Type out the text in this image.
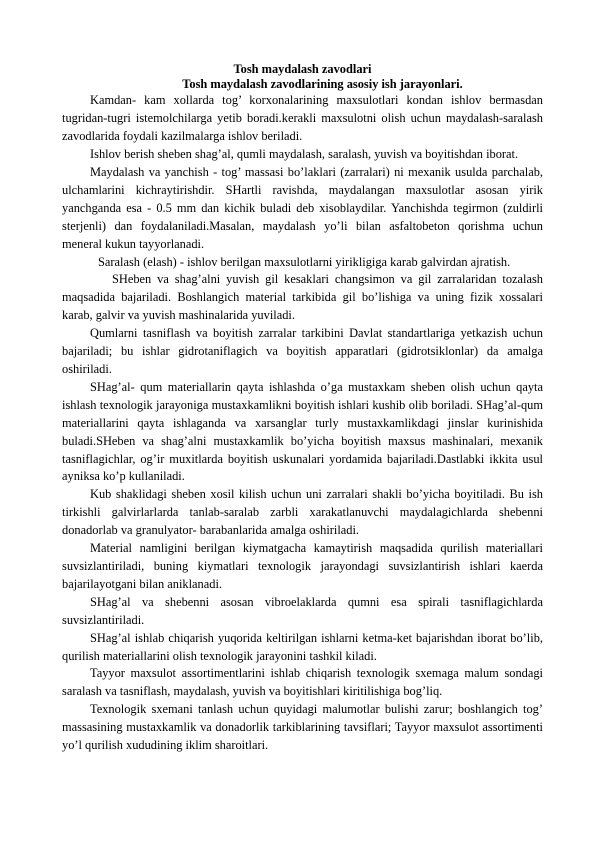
Tosh maydalash zavodlari

Tosh maydalash zavodlarining asosiy ish jarayonlari.

Kamdan- kam xollarda tog’ korxonalarining maxsulotlari kondan ishlov bermasdan tugridan-tugri istemolchilarga yetib boradi.kerakli maxsulotni olish uchun maydalash-saralash zavodlarida foydali kazilmalarga ishlov beriladi.

Ishlov berish sheben shag’al, qumli maydalash, saralash, yuvish va boyitishdan iborat.

Maydalash va yanchish - tog’ massasi bo’laklari (zarralari) ni mexanik usulda parchalab, ulchamlarini kichraytirishdir. SHartli ravishda, maydalangan maxsulotlar asosan yirik yanchganda esa - 0.5 mm dan kichik buladi deb xisoblaydilar. Yanchishda tegirmon (zuldirli sterjenli) dan foydalaniladi.Masalan, maydalash yo’li bilan asfaltobeton qorishma uchun meneral kukun tayyorlanadi.

Saralash (elash) - ishlov berilgan maxsulotlarni yirikligiga karab galvirdan ajratish.

SHeben va shag’alni yuvish gil kesaklari changsimon va gil zarralaridan tozalash maqsadida bajariladi. Boshlangich material tarkibida gil bo’lishiga va uning fizik xossalari karab, galvir va yuvish mashinalarida yuviladi.

Qumlarni tasniflash va boyitish zarralar tarkibini Davlat standartlariga yetkazish uchun bajariladi; bu ishlar gidrotaniflagich va boyitish apparatlari (gidrotsiklonlar) da amalga oshiriladi.

SHag’al- qum materiallarin qayta ishlashda o’ga mustaxkam sheben olish uchun qayta ishlash texnologik jarayoniga mustaxkamlikni boyitish ishlari kushib olib boriladi. SHag’al-qum materiallarini qayta ishlaganda va xarsanglar turly mustaxkamlikdagi jinslar kurinishida buladi.SHeben va shag’alni mustaxkamlik bo’yicha boyitish maxsus mashinalari, mexanik tasniflagichlar, og’ir muxitlarda boyitish uskunalari yordamida bajariladi.Dastlabki ikkita usul ayniksa ko’p kullaniladi.

Kub shaklidagi sheben xosil kilish uchun uni zarralari shakli bo’yicha boyitiladi. Bu ish tirkishli galvirlarlarda tanlab-saralab zarbli xarakatlanuvchi maydalagichlarda shebenni donadorlab va granulyator- barabanlarida amalga oshiriladi.

Material namligini berilgan kiymatgacha kamaytirish maqsadida qurilish materiallari suvsizlantiriladi, buning kiymatlari texnologik jarayondagi suvsizlantirish ishlari kaerda bajarilayotgani bilan aniklanadi.

SHag’al va shebenni asosan vibroelaklarda qumni esa spirali tasniflagichlarda suvsizlantiriladi.

SHag’al ishlab chiqarish yuqorida keltirilgan ishlarni ketma-ket bajarishdan iborat bo’lib, qurilish materiallarini olish texnologik jarayonini tashkil kiladi.

Tayyor maxsulot assortimentlarini ishlab chiqarish texnologik sxemaga malum sondagi saralash va tasniflash, maydalash, yuvish va boyitishlari kiritilishiga bog’liq.

Texnologik sxemani tanlash uchun quyidagi malumotlar bulishi zarur; boshlangich tog’ massasining mustaxkamlik va donadorlik tarkiblarining tavsiflari; Tayyor maxsulot assortimenti yo’l qurilish xududining iklim sharoitlari.
